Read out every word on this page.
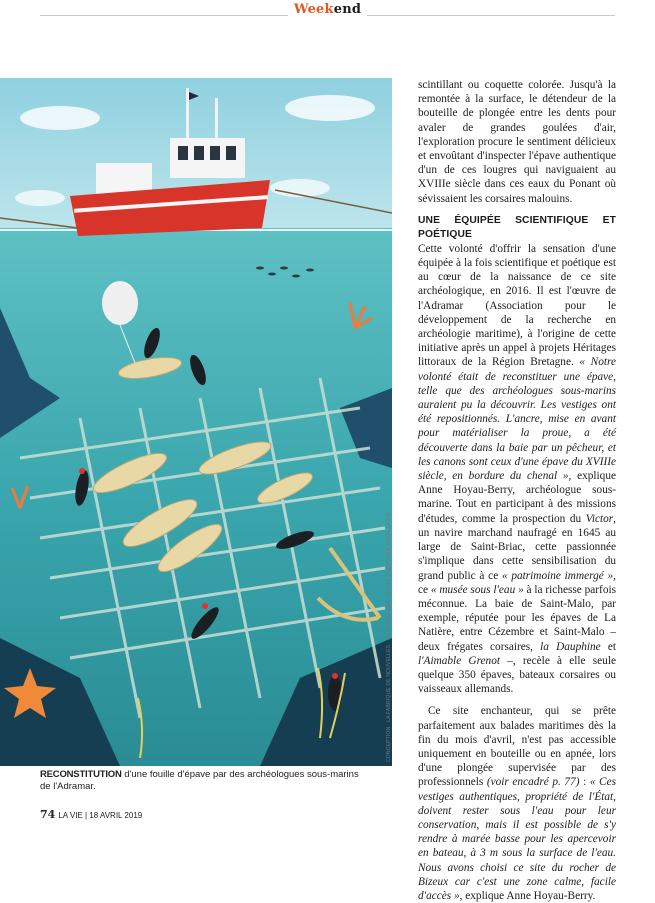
Weekend
CONCEPTION : LA FABRIQUE DE NOUVELLES · ILLUSTRATION : CÉCILE HUDRISIER POUR LA VIE
RECONSTITUTION d'une fouille d'épave par des archéologues sous-marins de l'Adramar.
74 LA VIE | 18 AVRIL 2019

scintillant ou coquette colorée. Jusqu'à la remontée à la surface, le détendeur de la bouteille de plongée entre les dents pour avaler de grandes goulées d'air, l'exploration procure le sentiment délicieux et envoûtant d'inspecter l'épave authentique d'un de ces lougres qui naviguaient au XVIIIe siècle dans ces eaux du Ponant où sévissaient les corsaires malouins.

UNE ÉQUIPÉE SCIENTIFIQUE ET POÉTIQUE

Cette volonté d'offrir la sensation d'une équipée à la fois scientifique et poétique est au cœur de la naissance de ce site archéologique, en 2016. Il est l'œuvre de l'Adramar (Association pour le développement de la recherche en archéologie maritime), à l'origine de cette initiative après un appel à projets Héritages littoraux de la Région Bretagne. « Notre volonté était de reconstituer une épave, telle que des archéologues sous-marins auraient pu la découvrir. Les vestiges ont été repositionnés. L'ancre, mise en avant pour matérialiser la proue, a été découverte dans la baie par un pêcheur, et les canons sont ceux d'une épave du XVIIIe siècle, en bordure du chenal », explique Anne Hoyau-Berry, archéologue sous-marine. Tout en participant à des missions d'études, comme la prospection du Victor, un navire marchand naufragé en 1645 au large de Saint-Briac, cette passionnée s'implique dans cette sensibilisation du grand public à ce « patrimoine immergé », ce « musée sous l'eau » à la richesse parfois méconnue. La baie de Saint-Malo, par exemple, réputée pour les épaves de La Natière, entre Cézembre et Saint-Malo – deux frégates corsaires, la Dauphine et l'Aimable Grenot –, recèle à elle seule quelque 350 épaves, bateaux corsaires ou vaisseaux allemands.

Ce site enchanteur, qui se prête parfaitement aux balades maritimes dès la fin du mois d'avril, n'est pas accessible uniquement en bouteille ou en apnée, lors d'une plongée supervisée par des professionnels (voir encadré p. 77) : « Ces vestiges authentiques, propriété de l'État, doivent rester sous l'eau pour leur conservation, mais il est possible de s'y rendre à marée basse pour les apercevoir en bateau, à 3 m sous la surface de l'eau. Nous avons choisi ce site du rocher de Bizeux car c'est une zone calme, facile d'accès », explique Anne Hoyau-Berry.
